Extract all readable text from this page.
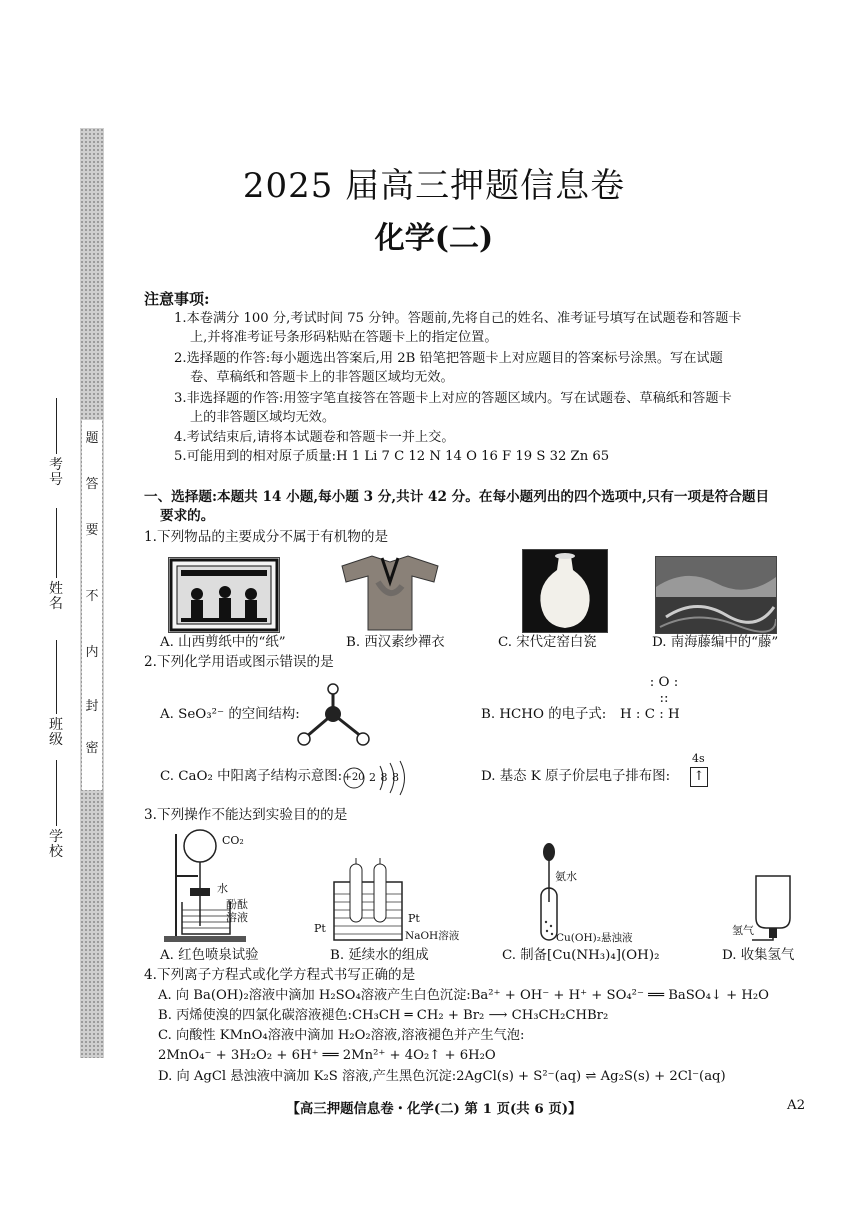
题
答
要
不
内
封
密
考
号
姓
名
班
级
学
校
2025 届高三押题信息卷
化学(二)
注意事项:
1.本卷满分 100 分,考试时间 75 分钟。答题前,先将自己的姓名、准考证号填写在试题卷和答题卡
上,并将准考证号条形码粘贴在答题卡上的指定位置。
2.选择题的作答:每小题选出答案后,用 2B 铅笔把答题卡上对应题目的答案标号涂黑。写在试题
卷、草稿纸和答题卡上的非答题区域均无效。
3.非选择题的作答:用签字笔直接答在答题卡上对应的答题区域内。写在试题卷、草稿纸和答题卡
上的非答题区域均无效。
4.考试结束后,请将本试题卷和答题卡一并上交。
5.可能用到的相对原子质量:H 1 Li 7 C 12 N 14 O 16 F 19 S 32 Zn 65
一、选择题:本题共 14 小题,每小题 3 分,共计 42 分。在每小题列出的四个选项中,只有一项是符合题目
要求的。
1.下列物品的主要成分不属于有机物的是
A. 山西剪纸中的“纸”	B. 西汉素纱襌衣	C. 宋代定窑白瓷	D. 南海藤编中的“藤”
2.下列化学用语或图示错误的是
A. SeO₃²⁻ 的空间结构:	B. HCHO 的电子式:
: O :
::
H : C : H
C. CaO₂ 中阳离子结构示意图: +20 2 8 8	D. 基态 K 原子价层电子排布图:
4s
↑
3.下列操作不能达到实验目的的是
CO₂
水
酚酞溶液
Pt
Pt
NaOH溶液
氨水
Cu(OH)₂悬浊液
氢气
A. 红色喷泉试验	B. 延续水的组成	C. 制备[Cu(NH₃)₄](OH)₂	D. 收集氢气
4.下列离子方程式或化学方程式书写正确的是
A. 向 Ba(OH)₂溶液中滴加 H₂SO₄溶液产生白色沉淀:Ba²⁺ + OH⁻ + H⁺ + SO₄²⁻ ══ BaSO₄↓ + H₂O
B. 丙烯使溴的四氯化碳溶液褪色:CH₃CH ═ CH₂ + Br₂ ⟶ CH₃CH₂CHBr₂
C. 向酸性 KMnO₄溶液中滴加 H₂O₂溶液,溶液褪色并产生气泡:
2MnO₄⁻ + 3H₂O₂ + 6H⁺ ══ 2Mn²⁺ + 4O₂↑ + 6H₂O
D. 向 AgCl 悬浊液中滴加 K₂S 溶液,产生黑色沉淀:2AgCl(s) + S²⁻(aq) ⇌ Ag₂S(s) + 2Cl⁻(aq)
【高三押题信息卷・化学(二) 第 1 页(共 6 页)】	A2
